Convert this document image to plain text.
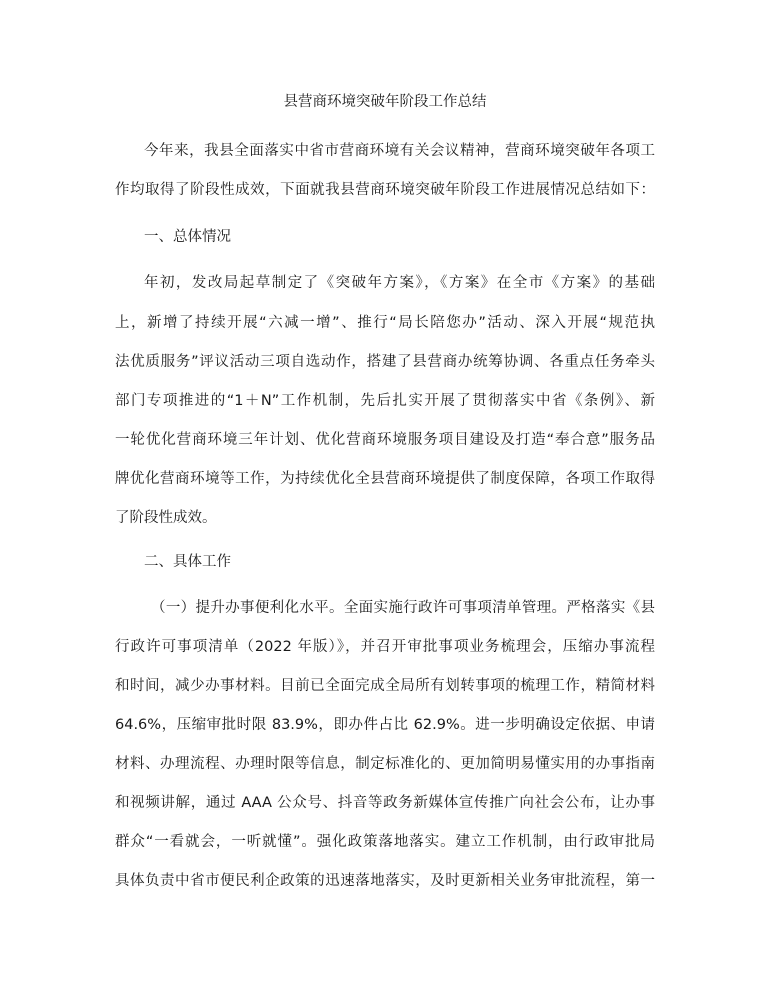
县营商环境突破年阶段工作总结
今年来，我县全面落实中省市营商环境有关会议精神，营商环境突破年各项工
作均取得了阶段性成效，下面就我县营商环境突破年阶段工作进展情况总结如下：
一、总体情况
年初，发改局起草制定了《突破年方案》，《方案》在全市《方案》的基础
上，新增了持续开展“六减一增”、推行“局长陪您办”活动、深入开展“规范执
法优质服务”评议活动三项自选动作，搭建了县营商办统筹协调、各重点任务牵头
部门专项推进的“1＋N”工作机制，先后扎实开展了贯彻落实中省《条例》、新
一轮优化营商环境三年计划、优化营商环境服务项目建设及打造“奉合意”服务品
牌优化营商环境等工作，为持续优化全县营商环境提供了制度保障，各项工作取得
了阶段性成效。
二、具体工作
（一）提升办事便利化水平。全面实施行政许可事项清单管理。严格落实《县
行政许可事项清单（2022 年版）》，并召开审批事项业务梳理会，压缩办事流程
和时间，减少办事材料。目前已全面完成全局所有划转事项的梳理工作，精简材料
64.6%，压缩审批时限 83.9%，即办件占比 62.9%。进一步明确设定依据、申请
材料、办理流程、办理时限等信息，制定标准化的、更加简明易懂实用的办事指南
和视频讲解，通过 AAA 公众号、抖音等政务新媒体宣传推广向社会公布，让办事
群众“一看就会，一听就懂”。强化政策落地落实。建立工作机制，由行政审批局
具体负责中省市便民利企政策的迅速落地落实，及时更新相关业务审批流程，第一
